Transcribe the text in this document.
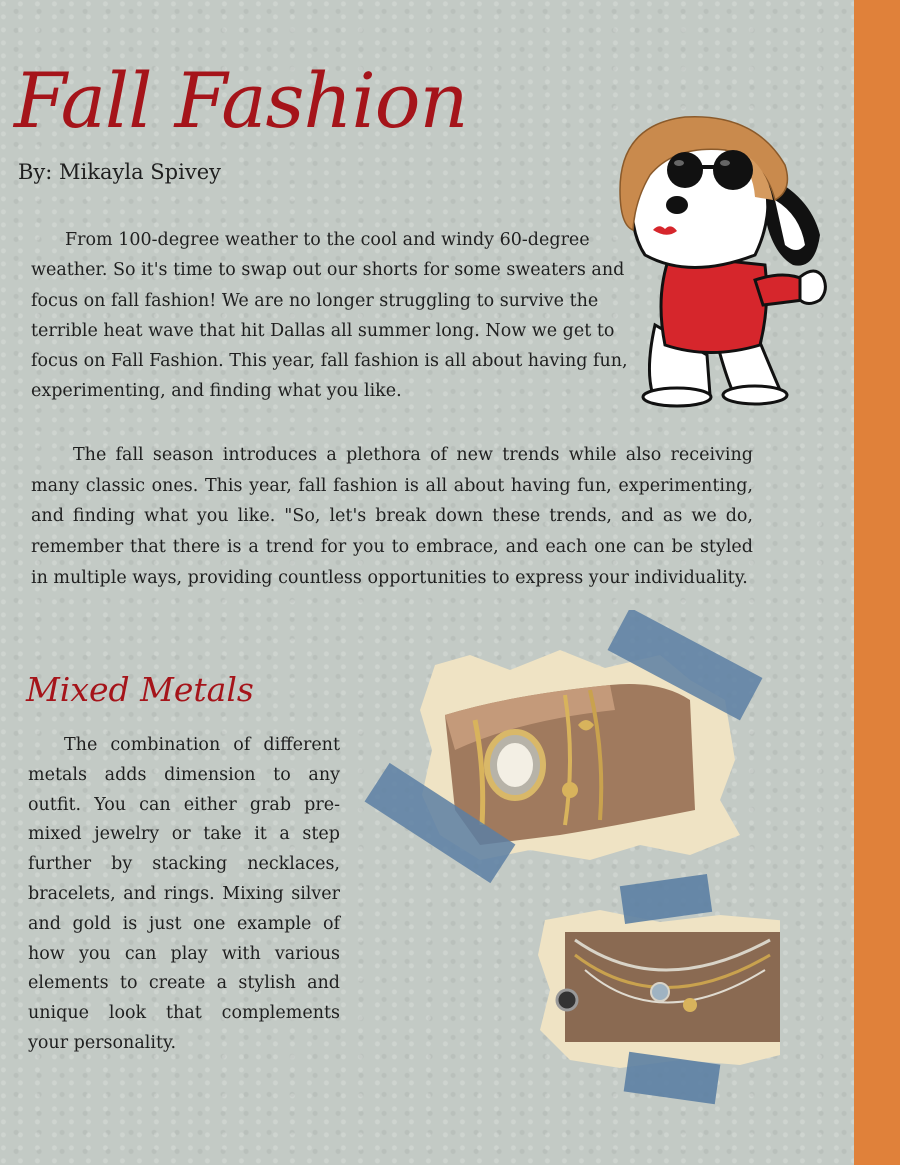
Fall Fashion
By: Mikayla Spivey
From 100-degree weather to the cool and windy 60-degree weather. So it's time to swap out our shorts for some sweaters and focus on fall fashion! We are no longer struggling to survive the terrible heat wave that hit Dallas all summer long. Now we get to focus on Fall Fashion. This year, fall fashion is all about having fun, experimenting, and finding what you like.
The fall season introduces a plethora of new trends while also receiving many classic ones. This year, fall fashion is all about having fun, experimenting, and finding what you like. "So, let's break down these trends, and as we do, remember that there is a trend for you to embrace, and each one can be styled in multiple ways, providing countless opportunities to express your individuality.
Mixed Metals
The combination of different metals adds dimension to any outfit. You can either grab pre-mixed jewelry or take it a step further by stacking necklaces, bracelets, and rings. Mixing silver and gold is just one example of how you can play with various elements to create a stylish and unique look that complements your personality.
